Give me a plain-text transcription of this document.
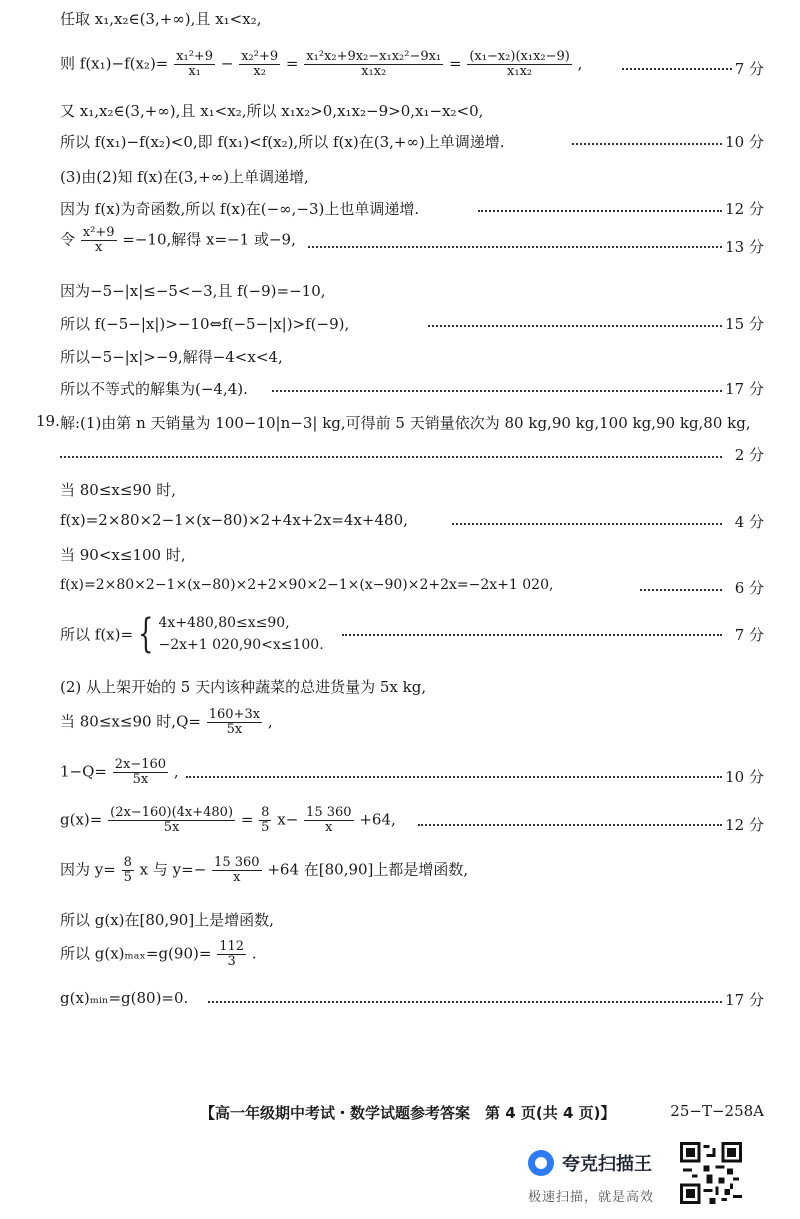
任取 x₁,x₂∈(3,+∞),且 x₁<x₂,
则 $f(x_1)-f(x_2)= \frac{\text{x₁²+9}}{\text{x₁}} - \frac{\text{x₂²+9}}{\text{x₂}} = \frac{\text{x₁²x₂+9x₂−x₁x₂²−9x₁}}{\text{x₁x₂}} = \frac{\text{(x₁−x₂)(x₁x₂−9)}}{\text{x₁x₂}}$ ,	7 分
又 x₁,x₂∈(3,+∞),且 x₁<x₂,所以 x₁x₂>0,x₁x₂−9>0,x₁−x₂<0,
所以 f(x₁)−f(x₂)<0,即 f(x₁)<f(x₂),所以 f(x)在(3,+∞)上单调递增.	10 分
(3)由(2)知 f(x)在(3,+∞)上单调递增,
因为 f(x)为奇函数,所以 f(x)在(−∞,−3)上也单调递增.	12 分
令 $\frac{\text{x²+9}}{x} =-10$,解得 x=−1 或−9,	13 分
因为−5−|x|≤−5<−3,且 f(−9)=−10,
所以 f(−5−|x|)>−10⇔f(−5−|x|)>f(−9),	15 分
所以−5−|x|>−9,解得−4<x<4,
所以不等式的解集为(−4,4).	17 分
19. 解:(1)由第 n 天销量为 100−10|n−3| kg,可得前 5 天销量依次为 80 kg,90 kg,100 kg,90 kg,80 kg,
2 分
当 80≤x≤90 时,
f(x)=2×80×2−1×(x−80)×2+4x+2x=4x+480,	4 分
当 90<x≤100 时,
f(x)=2×80×2−1×(x−80)×2+2×90×2−1×(x−90)×2+2x=−2x+1 020,	6 分
所以 f(x)= { 4x+480,80≤x≤90,
−2x+1 020,90<x≤100.
7 分
(2) 从上架开始的 5 天内该种蔬菜的总进货量为 5x kg,
当 80≤x≤90 时$,Q= \frac{160+3x}{5x}$ ,
$1-Q= \frac{2x-160}{5x}$ ,	10 分
$g(x)= \frac{(2x-160)(4x+480)}{5x} = \frac{8}{5} x- \frac{15 360}{x} +64$,	12 分
因为 $y= \frac{8}{5}$ x 与 $y=- \frac{15 360}{x} +64$ 在[80,90]上都是增函数,
所以 g(x)在[80,90]上是增函数,
所以 $g(x)_{max}=g(90)= \frac{112}{3}$ .
g(x)ₘᵢₙ=g(80)=0.	17 分
【高一年级期中考试・数学试题参考答案　第 4 页(共 4 页)】	25−T−258A
夸克扫描王
极速扫描，就是高效
